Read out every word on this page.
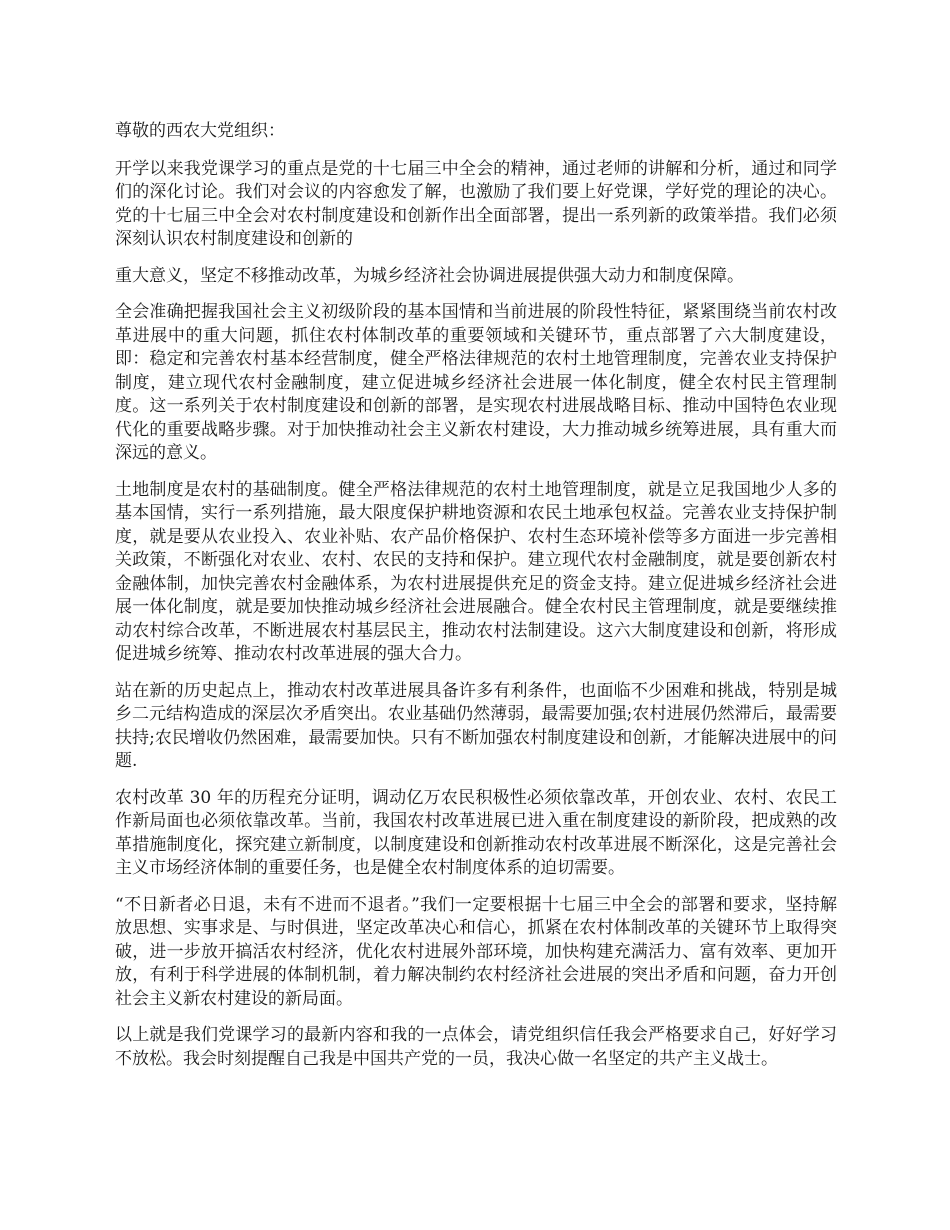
尊敬的西农大党组织：

开学以来我党课学习的重点是党的十七届三中全会的精神，通过老师的讲解和分析，通过和同学们的深化讨论。我们对会议的内容愈发了解，也激励了我们要上好党课，学好党的理论的决心。党的十七届三中全会对农村制度建设和创新作出全面部署，提出一系列新的政策举措。我们必须深刻认识农村制度建设和创新的

重大意义，坚定不移推动改革，为城乡经济社会协调进展提供强大动力和制度保障。

全会准确把握我国社会主义初级阶段的基本国情和当前进展的阶段性特征，紧紧围绕当前农村改革进展中的重大问题，抓住农村体制改革的重要领域和关键环节，重点部署了六大制度建设，即：稳定和完善农村基本经营制度，健全严格法律规范的农村土地管理制度，完善农业支持保护制度，建立现代农村金融制度，建立促进城乡经济社会进展一体化制度，健全农村民主管理制度。这一系列关于农村制度建设和创新的部署，是实现农村进展战略目标、推动中国特色农业现代化的重要战略步骤。对于加快推动社会主义新农村建设，大力推动城乡统筹进展，具有重大而深远的意义。

土地制度是农村的基础制度。健全严格法律规范的农村土地管理制度，就是立足我国地少人多的基本国情，实行一系列措施，最大限度保护耕地资源和农民土地承包权益。完善农业支持保护制度，就是要从农业投入、农业补贴、农产品价格保护、农村生态环境补偿等多方面进一步完善相关政策，不断强化对农业、农村、农民的支持和保护。建立现代农村金融制度，就是要创新农村金融体制，加快完善农村金融体系，为农村进展提供充足的资金支持。建立促进城乡经济社会进展一体化制度，就是要加快推动城乡经济社会进展融合。健全农村民主管理制度，就是要继续推动农村综合改革，不断进展农村基层民主，推动农村法制建设。这六大制度建设和创新，将形成促进城乡统筹、推动农村改革进展的强大合力。

站在新的历史起点上，推动农村改革进展具备许多有利条件，也面临不少困难和挑战，特别是城乡二元结构造成的深层次矛盾突出。农业基础仍然薄弱，最需要加强;农村进展仍然滞后，最需要扶持;农民增收仍然困难，最需要加快。只有不断加强农村制度建设和创新，才能解决进展中的问题.

农村改革 30 年的历程充分证明，调动亿万农民积极性必须依靠改革，开创农业、农村、农民工作新局面也必须依靠改革。当前，我国农村改革进展已进入重在制度建设的新阶段，把成熟的改革措施制度化，探究建立新制度，以制度建设和创新推动农村改革进展不断深化，这是完善社会主义市场经济体制的重要任务，也是健全农村制度体系的迫切需要。

“不日新者必日退，未有不进而不退者。”我们一定要根据十七届三中全会的部署和要求，坚持解放思想、实事求是、与时俱进，坚定改革决心和信心，抓紧在农村体制改革的关键环节上取得突破，进一步放开搞活农村经济，优化农村进展外部环境，加快构建充满活力、富有效率、更加开放，有利于科学进展的体制机制，着力解决制约农村经济社会进展的突出矛盾和问题，奋力开创社会主义新农村建设的新局面。

以上就是我们党课学习的最新内容和我的一点体会，请党组织信任我会严格要求自己，好好学习不放松。我会时刻提醒自己我是中国共产党的一员，我决心做一名坚定的共产主义战士。
